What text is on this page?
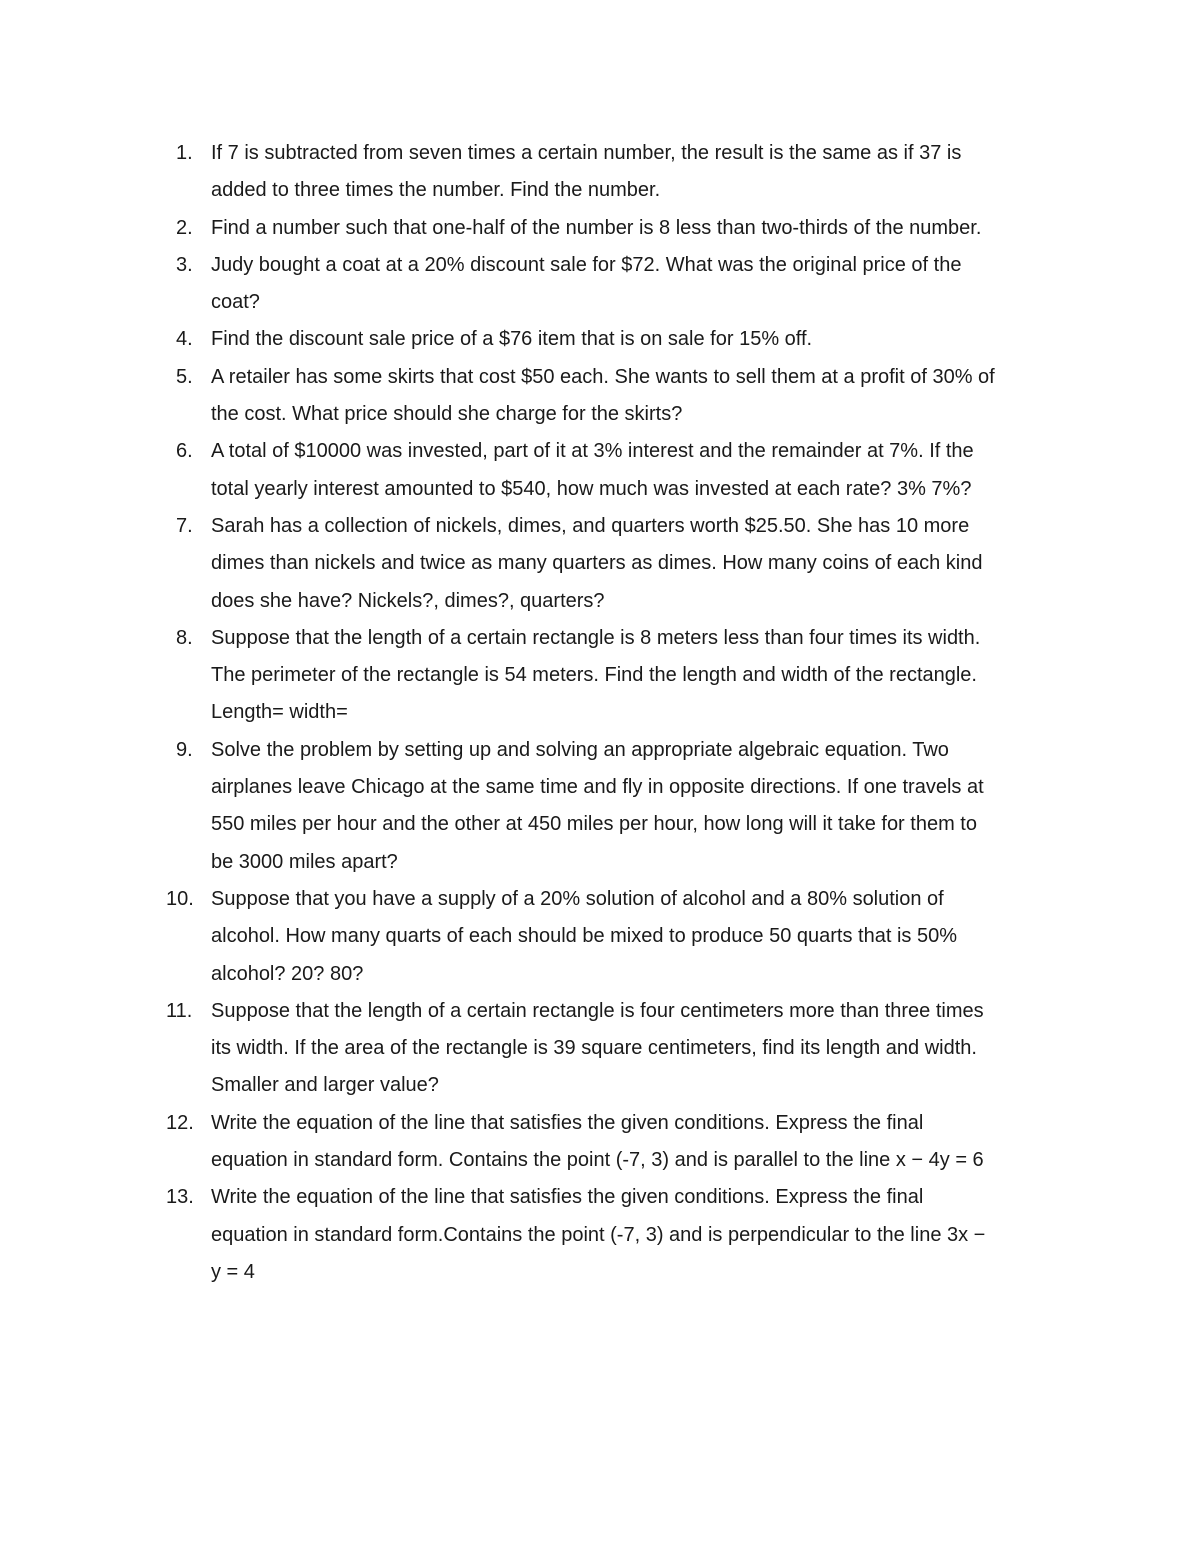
1. If 7 is subtracted from seven times a certain number, the result is the same as if 37 is
added to three times the number. Find the number.
2. Find a number such that one-half of the number is 8 less than two-thirds of the number.
3. Judy bought a coat at a 20% discount sale for $72. What was the original price of the
coat?
4. Find the discount sale price of a $76 item that is on sale for 15% off.
5. A retailer has some skirts that cost $50 each. She wants to sell them at a profit of 30% of
the cost. What price should she charge for the skirts?
6. A total of $10000 was invested, part of it at 3% interest and the remainder at 7%. If the
total yearly interest amounted to $540, how much was invested at each rate? 3% 7%?
7. Sarah has a collection of nickels, dimes, and quarters worth $25.50. She has 10 more
dimes than nickels and twice as many quarters as dimes. How many coins of each kind
does she have? Nickels?, dimes?, quarters?
8. Suppose that the length of a certain rectangle is 8 meters less than four times its width.
The perimeter of the rectangle is 54 meters. Find the length and width of the rectangle.
Length= width=
9. Solve the problem by setting up and solving an appropriate algebraic equation. Two
airplanes leave Chicago at the same time and fly in opposite directions. If one travels at
550 miles per hour and the other at 450 miles per hour, how long will it take for them to
be 3000 miles apart?
10. Suppose that you have a supply of a 20% solution of alcohol and a 80% solution of
alcohol. How many quarts of each should be mixed to produce 50 quarts that is 50%
alcohol? 20? 80?
11. Suppose that the length of a certain rectangle is four centimeters more than three times
its width. If the area of the rectangle is 39 square centimeters, find its length and width.
Smaller and larger value?
12. Write the equation of the line that satisfies the given conditions. Express the final
equation in standard form. Contains the point (-7, 3) and is parallel to the line x − 4y = 6
13. Write the equation of the line that satisfies the given conditions. Express the final
equation in standard form.Contains the point (-7, 3) and is perpendicular to the line 3x −
y = 4
